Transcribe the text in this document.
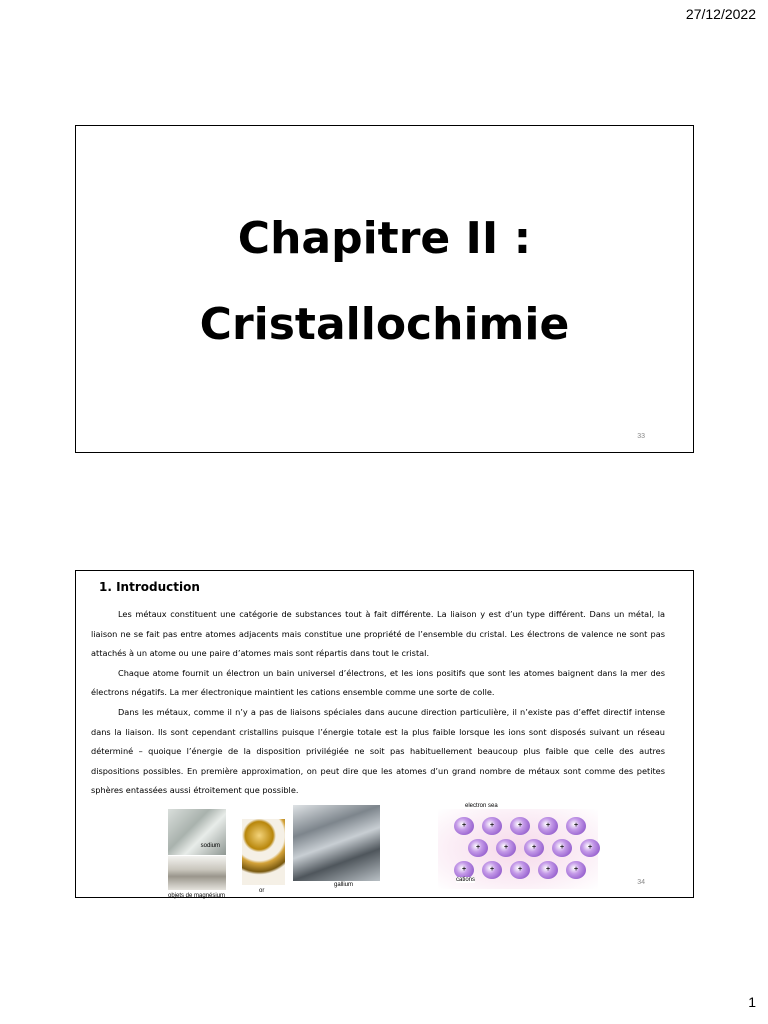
27/12/2022
Chapitre II :
Cristallochimie
33
1. Introduction

Les métaux constituent une catégorie de substances tout à fait différente. La liaison y est d’un type différent. Dans un métal, la liaison ne se fait pas entre atomes adjacents mais constitue une propriété de l’ensemble du cristal. Les électrons de valence ne sont pas attachés à un atome ou une paire d’atomes mais sont répartis dans tout le cristal.

Chaque atome fournit un électron un bain universel d’électrons, et les ions positifs que sont les atomes baignent dans la mer des électrons négatifs. La mer électronique maintient les cations ensemble comme une sorte de colle.

Dans les métaux, comme il n’y a pas de liaisons spéciales dans aucune direction particulière, il n’existe pas d’effet directif intense dans la liaison. Ils sont cependant cristallins puisque l’énergie totale est la plus faible lorsque les ions sont disposés suivant un réseau déterminé – quoique l’énergie de la disposition privilégiée ne soit pas habituellement beaucoup plus faible que celle des autres dispositions possibles. En première approximation, on peut dire que les atomes d’un grand nombre de métaux sont comme des petites sphères entassées aussi étroitement que possible.

sodium
objets de magnésium
or
gallium
electron sea
+	+	+	+	+
+	+	+	+	+
+	+	+	+	+
cations	34
1
